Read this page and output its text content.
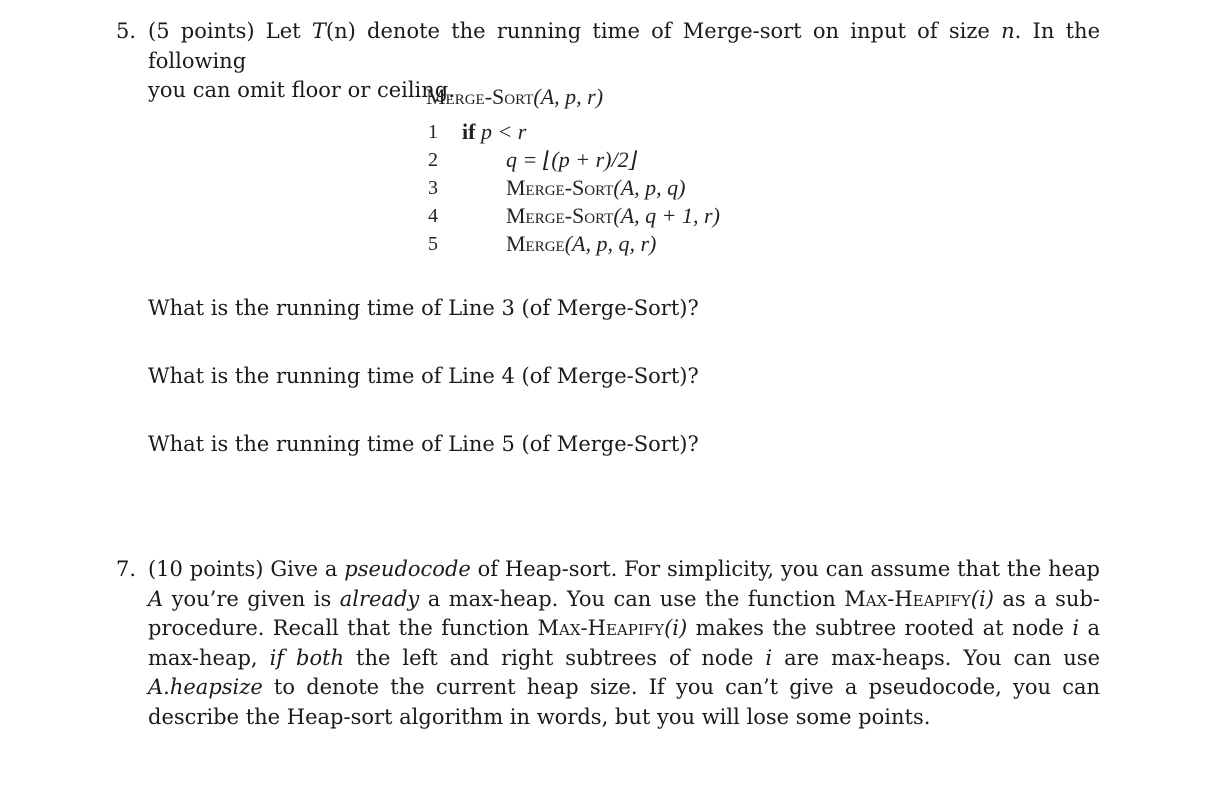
5. (5 points) Let T(n) denote the running time of Merge-sort on input of size n. In the following
you can omit floor or ceiling.
Merge-Sort(A, p, r)
1 if p < r
2	q = ⌊(p + r)/2⌋
3	Merge-Sort(A, p, q)
4	Merge-Sort(A, q + 1, r)
5	Merge(A, p, q, r)
What is the running time of Line 3 (of Merge-Sort)?
What is the running time of Line 4 (of Merge-Sort)?
What is the running time of Line 5 (of Merge-Sort)?
7. (10 points) Give a pseudocode of Heap-sort. For simplicity, you can assume that the heap A you’re given is already a max-heap. You can use the function Max-Heapify(i) as a sub-procedure. Recall that the function Max-Heapify(i) makes the subtree rooted at node i a max-heap, if both the left and right subtrees of node i are max-heaps. You can use A.heapsize to denote the current heap size. If you can’t give a pseudocode, you can describe the Heap-sort algorithm in words, but you will lose some points.
